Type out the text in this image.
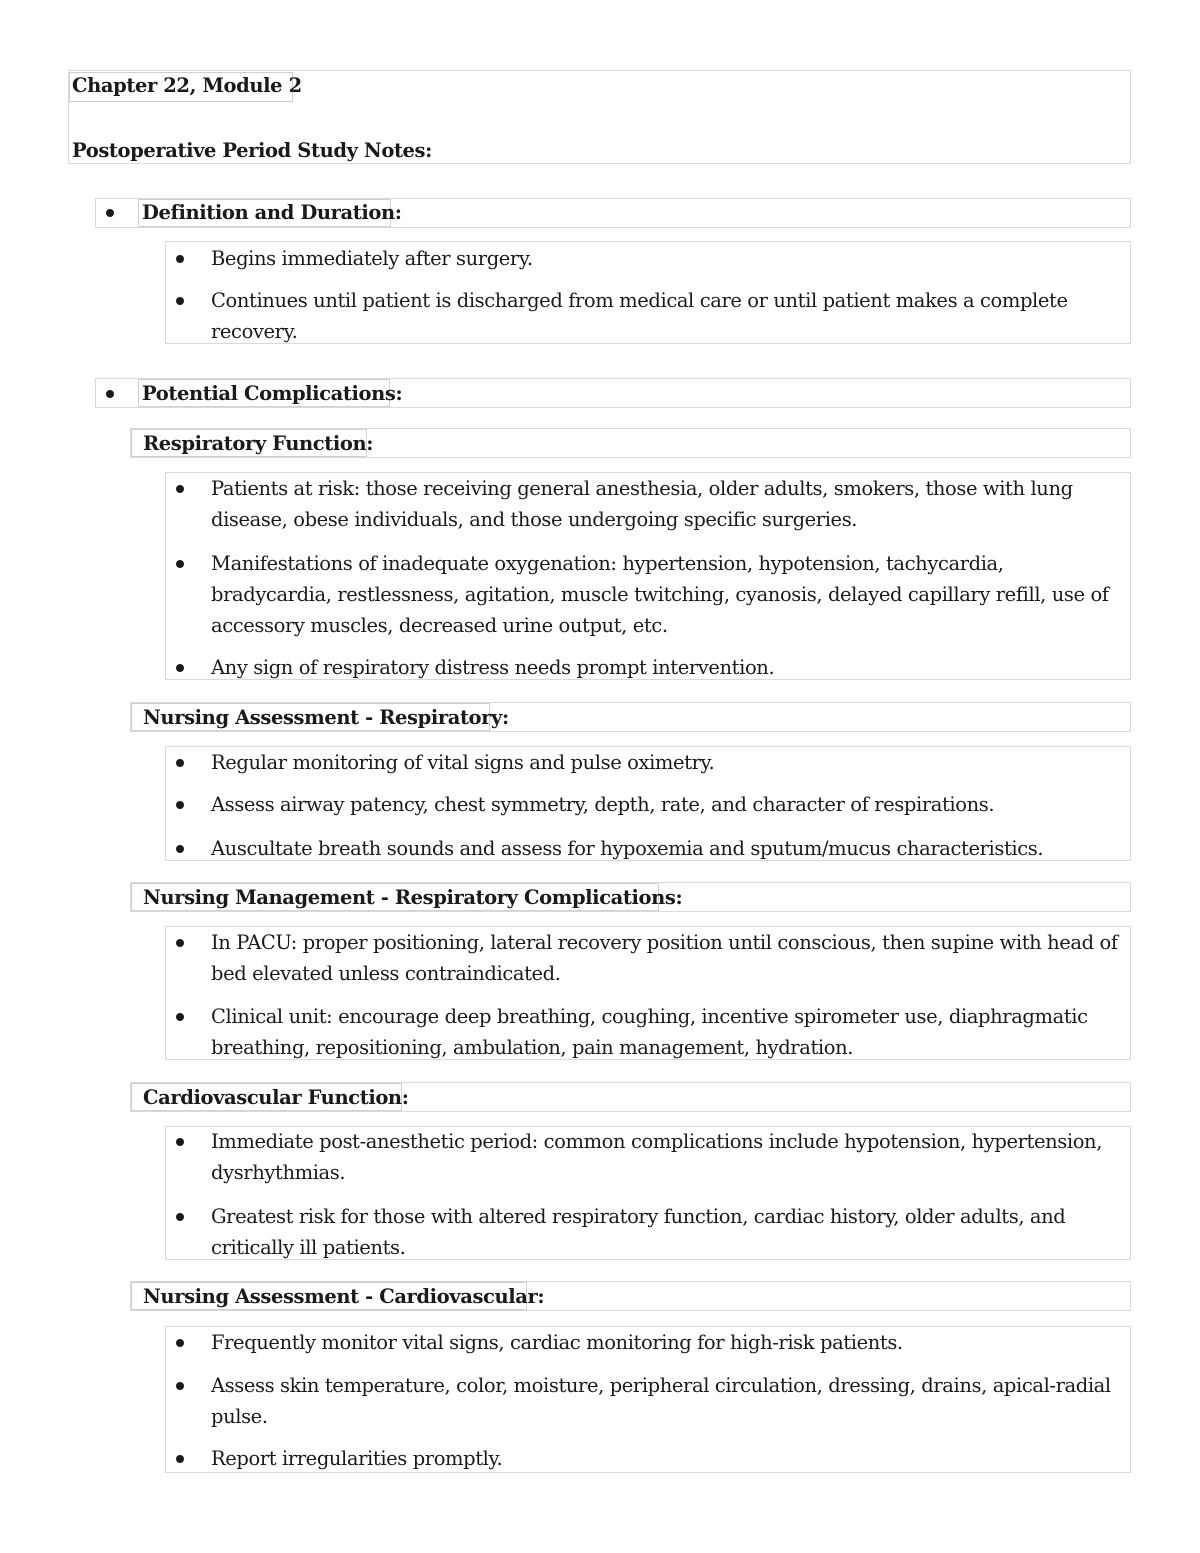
Chapter 22, Module 2
Postoperative Period Study Notes:
Definition and Duration:
Begins immediately after surgery.
Continues until patient is discharged from medical care or until patient makes a complete recovery.
Potential Complications:
Respiratory Function:
Patients at risk: those receiving general anesthesia, older adults, smokers, those with lung disease, obese individuals, and those undergoing specific surgeries.
Manifestations of inadequate oxygenation: hypertension, hypotension, tachycardia, bradycardia, restlessness, agitation, muscle twitching, cyanosis, delayed capillary refill, use of accessory muscles, decreased urine output, etc.
Any sign of respiratory distress needs prompt intervention.
Nursing Assessment - Respiratory:
Regular monitoring of vital signs and pulse oximetry.
Assess airway patency, chest symmetry, depth, rate, and character of respirations.
Auscultate breath sounds and assess for hypoxemia and sputum/mucus characteristics.
Nursing Management - Respiratory Complications:
In PACU: proper positioning, lateral recovery position until conscious, then supine with head of bed elevated unless contraindicated.
Clinical unit: encourage deep breathing, coughing, incentive spirometer use, diaphragmatic breathing, repositioning, ambulation, pain management, hydration.
Cardiovascular Function:
Immediate post-anesthetic period: common complications include hypotension, hypertension, dysrhythmias.
Greatest risk for those with altered respiratory function, cardiac history, older adults, and critically ill patients.
Nursing Assessment - Cardiovascular:
Frequently monitor vital signs, cardiac monitoring for high-risk patients.
Assess skin temperature, color, moisture, peripheral circulation, dressing, drains, apical-radial pulse.
Report irregularities promptly.
